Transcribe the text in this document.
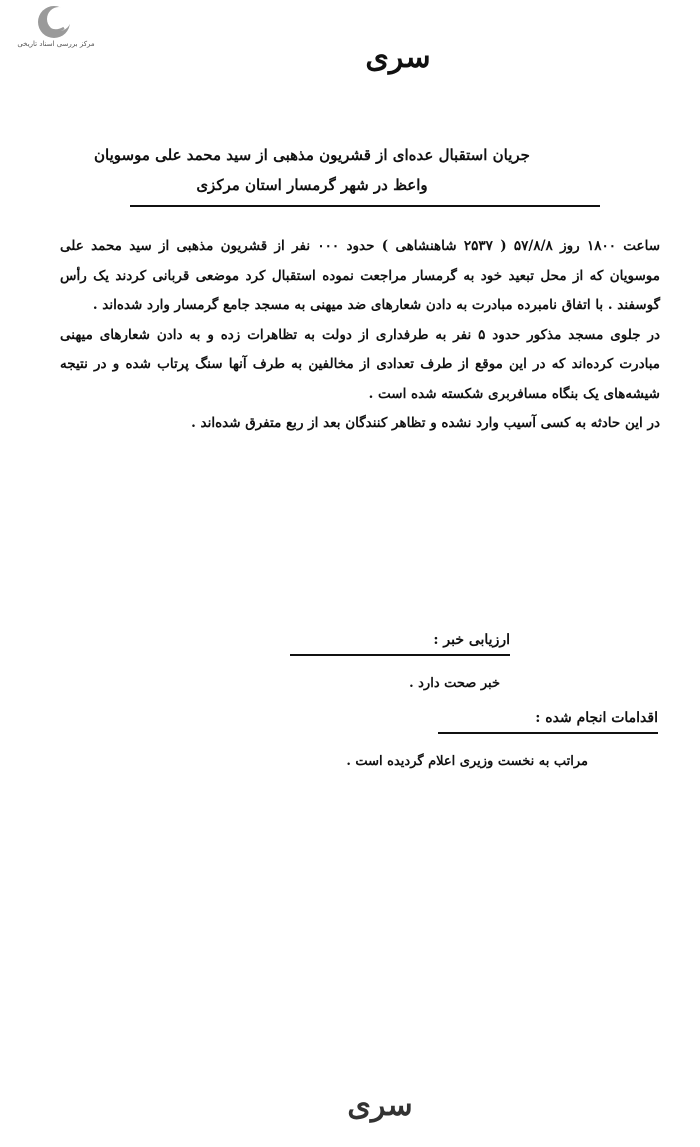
مرکز بررسی اسناد تاریخی	سری
جریان استقبال عده‌ای از قشریون مذهبی از سید محمد علی موسویان
واعظ در شهر گرمسار استان مرکزی

ساعت ۱۸۰۰ روز ۵۷/۸/۸ ( ۲۵۳۷ شاهنشاهی ) حدود ۰۰۰ نفر از قشریون مذهبی از سید محمد علی موسویان که از محل تبعید خود به گرمسار مراجعت نموده استقبال کرد موضعی قربانی کردند یک رأس گوسفند . با اتفاق نامبرده مبادرت به دادن شعارهای ضد میهنی به مسجد جامع گرمسار وارد شده‌اند .

در جلوی مسجد مذکور حدود ۵ نفر به طرفداری از دولت به تظاهرات زده و به دادن شعارهای میهنی مبادرت کرده‌اند که در این موقع از طرف تعدادی از مخالفین به طرف آنها سنگ پرتاب شده و در نتیجه شیشه‌های یک بنگاه مسافربری شکسته شده است .

در این حادثه به کسی آسیب وارد نشده و تظاهر کنندگان بعد از ربع متفرق شده‌اند .

ارزیابی خبر :
خبر صحت دارد .
اقدامات انجام شده :
مراتب به نخست وزیری اعلام گردیده است .
سری
